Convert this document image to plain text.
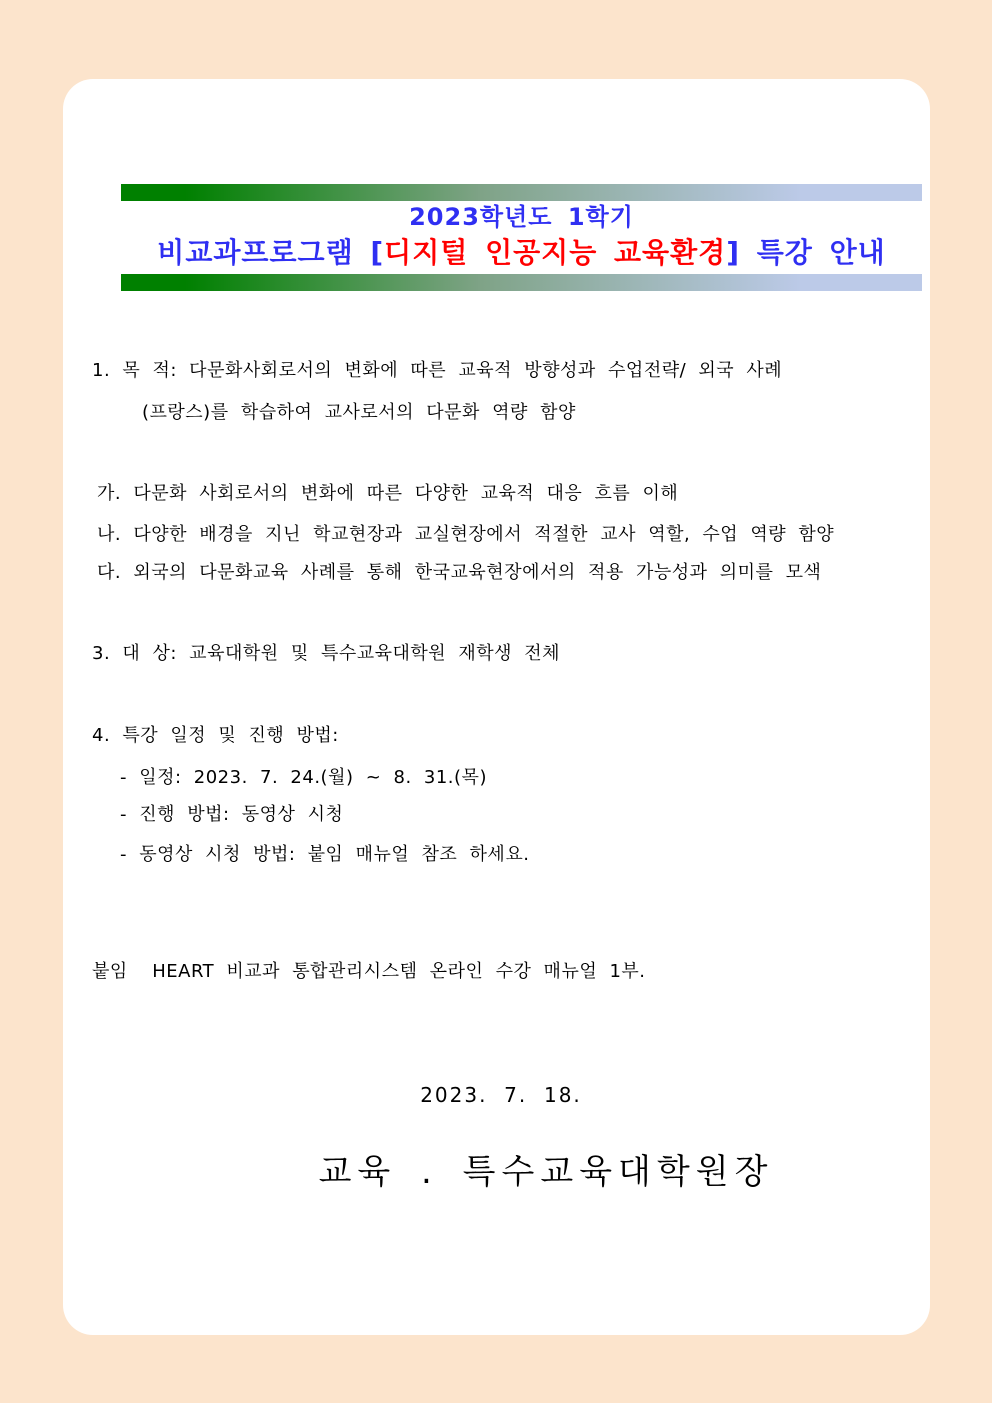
2023학년도 1학기
비교과프로그램 [디지털 인공지능 교육환경] 특강 안내

1. 목 적: 다문화사회로서의 변화에 따른 교육적 방향성과 수업전략/ 외국 사례

(프랑스)를 학습하여 교사로서의 다문화 역량 함양

가. 다문화 사회로서의 변화에 따른 다양한 교육적 대응 흐름 이해

나. 다양한 배경을 지닌 학교현장과 교실현장에서 적절한 교사 역할, 수업 역량 함양

다. 외국의 다문화교육 사례를 통해 한국교육현장에서의 적용 가능성과 의미를 모색

3. 대 상: 교육대학원 및 특수교육대학원 재학생 전체

4. 특강 일정 및 진행 방법:

- 일정: 2023. 7. 24.(월) ~ 8. 31.(목)

- 진행 방법: 동영상 시청

- 동영상 시청 방법: 붙임 매뉴얼 참조 하세요.

붙임  HEART 비교과 통합관리시스템 온라인 수강 매뉴얼 1부.

2023.  7.  18.

교육 . 특수교육대학원장
